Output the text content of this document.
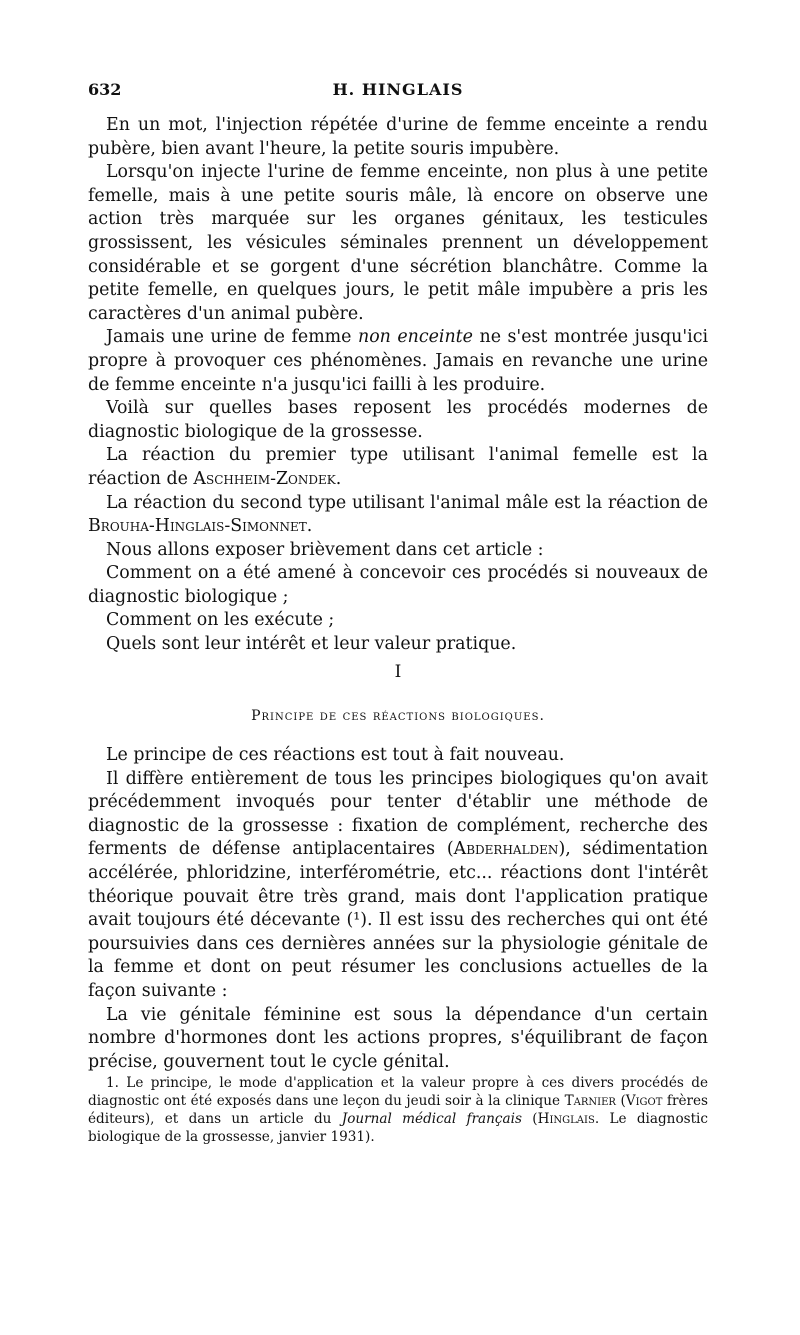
632	H. HINGLAIS

En un mot, l'injection répétée d'urine de femme enceinte a rendu pubère, bien avant l'heure, la petite souris impubère.

Lorsqu'on injecte l'urine de femme enceinte, non plus à une petite femelle, mais à une petite souris mâle, là encore on observe une action très marquée sur les organes génitaux, les testicules grossissent, les vésicules séminales prennent un développement considérable et se gorgent d'une sécrétion blanchâtre. Comme la petite femelle, en quelques jours, le petit mâle impubère a pris les caractères d'un animal pubère.

Jamais une urine de femme non enceinte ne s'est montrée jusqu'ici propre à provoquer ces phénomènes. Jamais en revanche une urine de femme enceinte n'a jusqu'ici failli à les produire.

Voilà sur quelles bases reposent les procédés modernes de diagnostic biologique de la grossesse.

La réaction du premier type utilisant l'animal femelle est la réaction de Aschheim-Zondek.

La réaction du second type utilisant l'animal mâle est la réaction de Brouha-Hinglais-Simonnet.

Nous allons exposer brièvement dans cet article :

Comment on a été amené à concevoir ces procédés si nouveaux de diagnostic biologique ;

Comment on les exécute ;

Quels sont leur intérêt et leur valeur pratique.

I
Principe de ces réactions biologiques.

Le principe de ces réactions est tout à fait nouveau.

Il diffère entièrement de tous les principes biologiques qu'on avait précédemment invoqués pour tenter d'établir une méthode de diagnostic de la grossesse : fixation de complément, recherche des ferments de défense antiplacentaires (Abderhalden), sédimentation accélérée, phloridzine, interférométrie, etc... réactions dont l'intérêt théorique pouvait être très grand, mais dont l'application pratique avait toujours été décevante (¹). Il est issu des recherches qui ont été poursuivies dans ces dernières années sur la physiologie génitale de la femme et dont on peut résumer les conclusions actuelles de la façon suivante :

La vie génitale féminine est sous la dépendance d'un certain nombre d'hormones dont les actions propres, s'équilibrant de façon précise, gouvernent tout le cycle génital.

1. Le principe, le mode d'application et la valeur propre à ces divers procédés de diagnostic ont été exposés dans une leçon du jeudi soir à la clinique Tarnier (Vigot frères éditeurs), et dans un article du Journal médical français (Hinglais. Le diagnostic biologique de la grossesse, janvier 1931).
